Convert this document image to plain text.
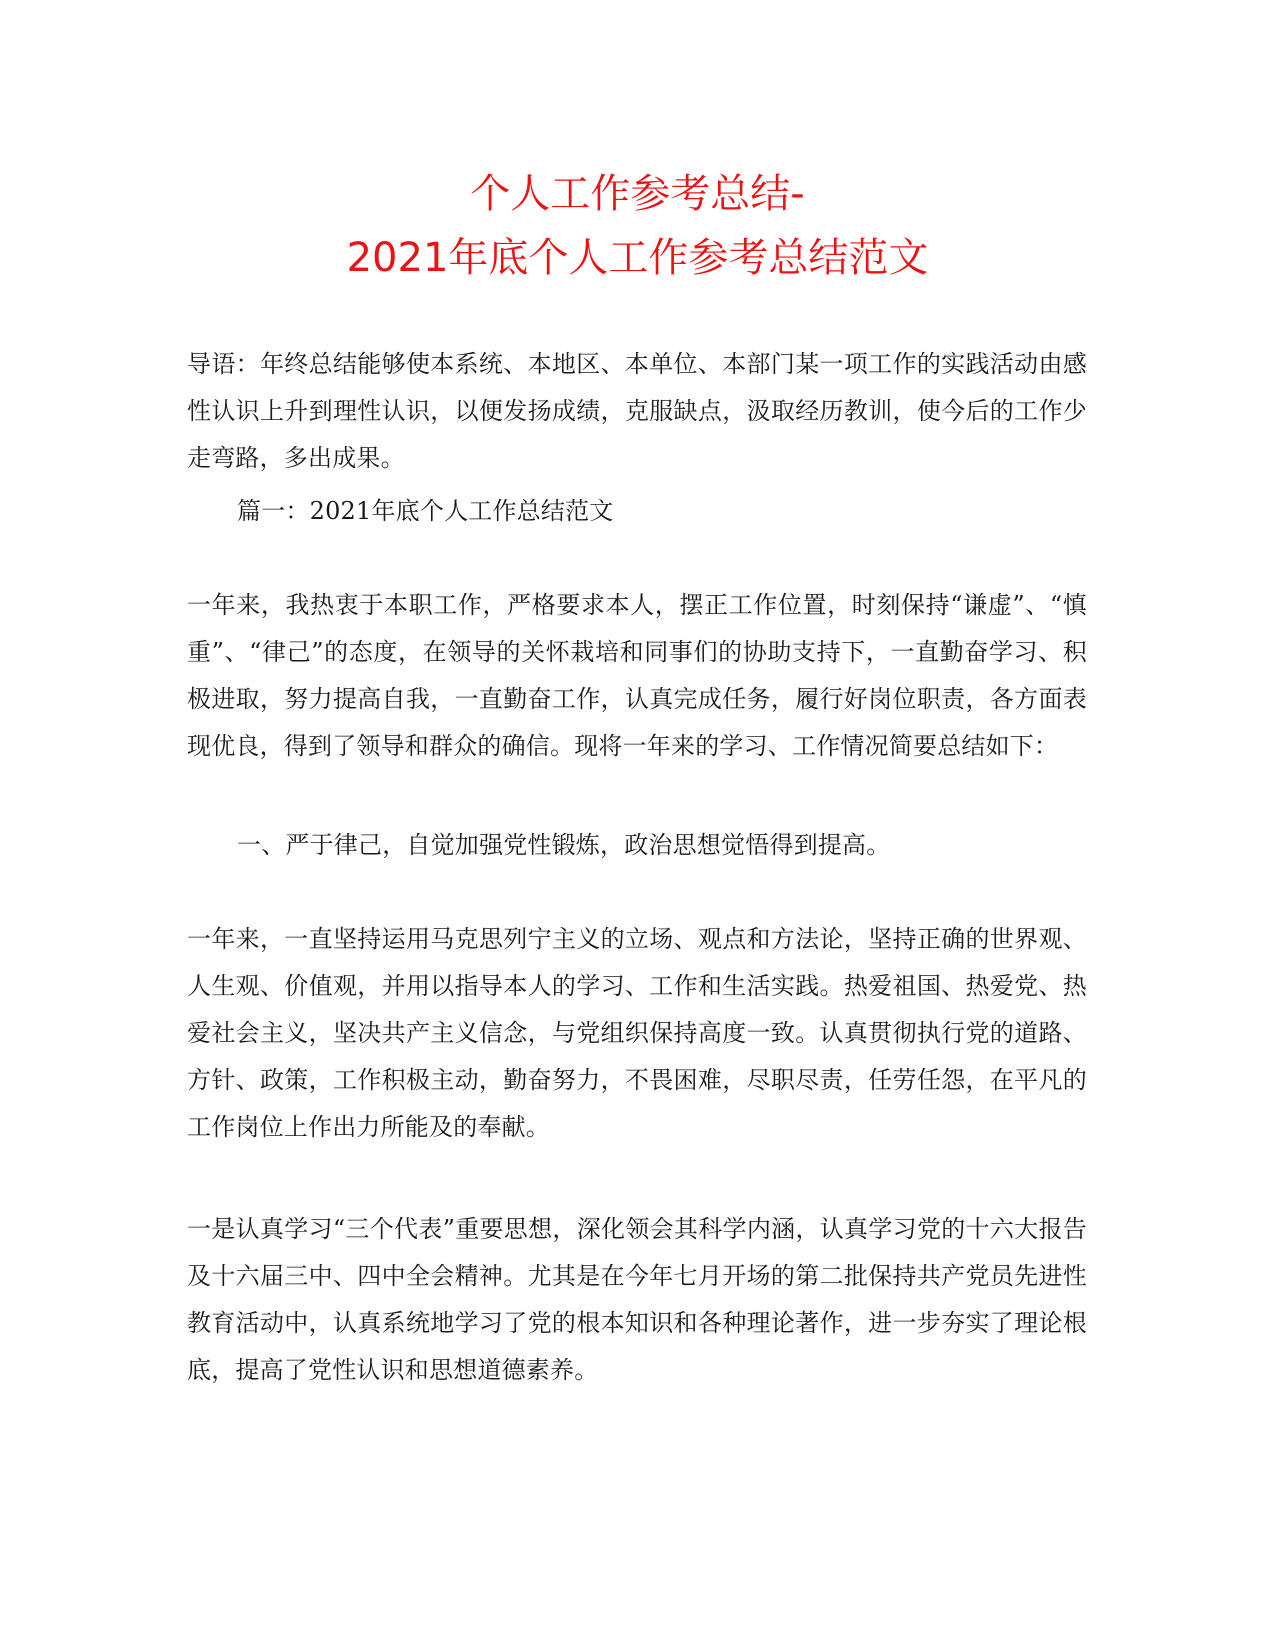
个人工作参考总结-
2021年底个人工作参考总结范文
导语：年终总结能够使本系统、本地区、本单位、本部门某一项工作的实践活动由感性认识上升到理性认识，以便发扬成绩，克服缺点，汲取经历教训，使今后的工作少走弯路，多出成果。
篇一：2021年底个人工作总结范文
一年来，我热衷于本职工作，严格要求本人，摆正工作位置，时刻保持“谦虚”、“慎重”、“律己”的态度，在领导的关怀栽培和同事们的协助支持下，一直勤奋学习、积极进取，努力提高自我，一直勤奋工作，认真完成任务，履行好岗位职责，各方面表现优良，得到了领导和群众的确信。现将一年来的学习、工作情况简要总结如下：
一、严于律己，自觉加强党性锻炼，政治思想觉悟得到提高。
一年来，一直坚持运用马克思列宁主义的立场、观点和方法论，坚持正确的世界观、人生观、价值观，并用以指导本人的学习、工作和生活实践。热爱祖国、热爱党、热爱社会主义，坚决共产主义信念，与党组织保持高度一致。认真贯彻执行党的道路、方针、政策，工作积极主动，勤奋努力，不畏困难，尽职尽责，任劳任怨，在平凡的工作岗位上作出力所能及的奉献。
一是认真学习“三个代表”重要思想，深化领会其科学内涵，认真学习党的十六大报告及十六届三中、四中全会精神。尤其是在今年七月开场的第二批保持共产党员先进性教育活动中，认真系统地学习了党的根本知识和各种理论著作，进一步夯实了理论根底，提高了党性认识和思想道德素养。
